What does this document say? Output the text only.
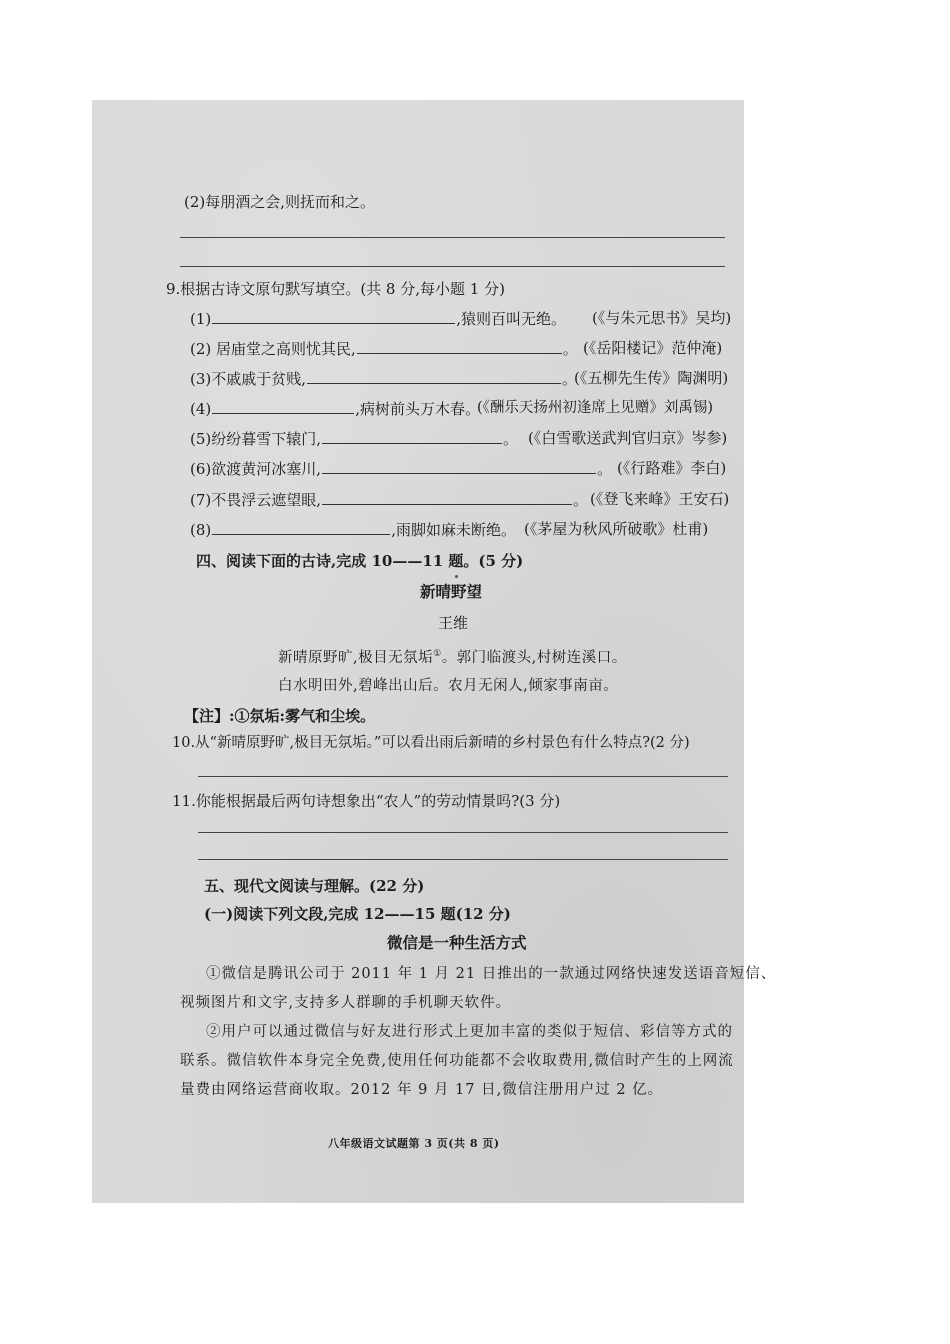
(2)每朋酒之会,则抚而和之。
9.根据古诗文原句默写填空。(共 8 分,每小题 1 分)
(1)	,猿则百叫无绝。 (《与朱元思书》吴均)
(2) 居庙堂之高则忧其民,	。 (《岳阳楼记》范仲淹)
(3)不戚戚于贫贱,	。
(《五柳先生传》陶渊明)
(4)	,病树前头万木春。
(《酬乐天扬州初逢席上见赠》刘禹锡)
(5)纷纷暮雪下辕门,	。 (《白雪歌送武判官归京》岑参)
(6)欲渡黄河冰塞川,	。 (《行路难》李白)
(7)不畏浮云遮望眼,	。 (《登飞来峰》王安石)
(8)	,雨脚如麻未断绝。 (《茅屋为秋风所破歌》杜甫)
四、阅读下面的古诗,完成 10——11 题。(5 分)
新晴野望
王维
新晴原野旷,极目无氛垢①。郭门临渡头,村树连溪口。
白水明田外,碧峰出山后。农月无闲人,倾家事南亩。
【注】:①氛垢:雾气和尘埃。
10.从“新晴原野旷,极目无氛垢。”可以看出雨后新晴的乡村景色有什么特点?(2 分)
11.你能根据最后两句诗想象出“农人”的劳动情景吗?(3 分)
五、现代文阅读与理解。(22 分)
(一)阅读下列文段,完成 12——15 题(12 分)
微信是一种生活方式
①微信是腾讯公司于 2011 年 1 月 21 日推出的一款通过网络快速发送语音短信、
视频图片和文字,支持多人群聊的手机聊天软件。
②用户可以通过微信与好友进行形式上更加丰富的类似于短信、彩信等方式的
联系。微信软件本身完全免费,使用任何功能都不会收取费用,微信时产生的上网流
量费由网络运营商收取。2012 年 9 月 17 日,微信注册用户过 2 亿。
八年级语文试题第 3 页(共 8 页)
